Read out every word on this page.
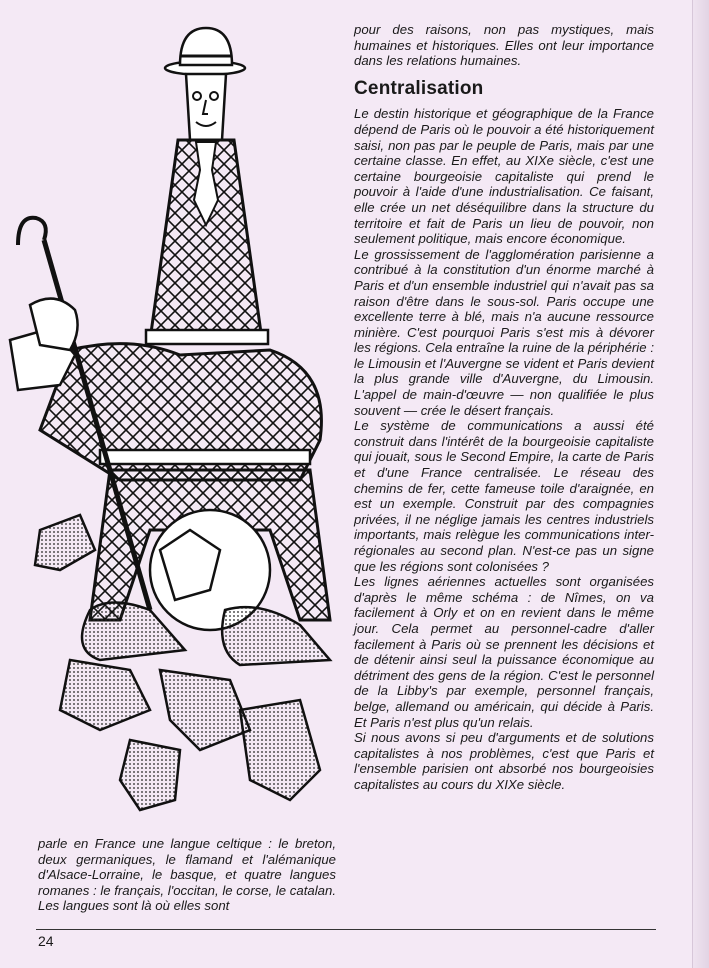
pour des raisons, non pas mystiques, mais humaines et historiques. Elles ont leur importance dans les relations humaines.

Centralisation

Le destin historique et géographique de la France dépend de Paris où le pouvoir a été historiquement saisi, non pas par le peuple de Paris, mais par une certaine classe. En effet, au XIXe siècle, c'est une certaine bourgeoisie capitaliste qui prend le pouvoir à l'aide d'une industrialisation. Ce faisant, elle crée un net déséquilibre dans la structure du territoire et fait de Paris un lieu de pouvoir, non seulement politique, mais encore économique.

Le grossissement de l'agglomération parisienne a contribué à la constitution d'un énorme marché à Paris et d'un ensemble industriel qui n'avait pas sa raison d'être dans le sous-sol. Paris occupe une excellente terre à blé, mais n'a aucune ressource minière. C'est pourquoi Paris s'est mis à dévorer les régions. Cela entraîne la ruine de la périphérie : le Limousin et l'Auvergne se vident et Paris devient la plus grande ville d'Auvergne, du Limousin. L'appel de main-d'œuvre — non qualifiée le plus souvent — crée le désert français.

Le système de communications a aussi été construit dans l'intérêt de la bourgeoisie capitaliste qui jouait, sous le Second Empire, la carte de Paris et d'une France centralisée. Le réseau des chemins de fer, cette fameuse toile d'araignée, en est un exemple. Construit par des compagnies privées, il ne néglige jamais les centres industriels importants, mais relègue les communications inter-régionales au second plan. N'est-ce pas un signe que les régions sont colonisées ?

Les lignes aériennes actuelles sont organisées d'après le même schéma : de Nîmes, on va facilement à Orly et on en revient dans le même jour. Cela permet au personnel-cadre d'aller facilement à Paris où se prennent les décisions et de détenir ainsi seul la puissance économique au détriment des gens de la région. C'est le personnel de la Libby's par exemple, personnel français, belge, allemand ou américain, qui décide à Paris. Et Paris n'est plus qu'un relais.

Si nous avons si peu d'arguments et de solutions capitalistes à nos problèmes, c'est que Paris et l'ensemble parisien ont absorbé nos bourgeoisies capitalistes au cours du XIXe siècle.

parle en France une langue celtique : le breton, deux germaniques, le flamand et l'alémanique d'Alsace-Lorraine, le basque, et quatre langues romanes : le français, l'occitan, le corse, le catalan. Les langues sont là où elles sont

24
